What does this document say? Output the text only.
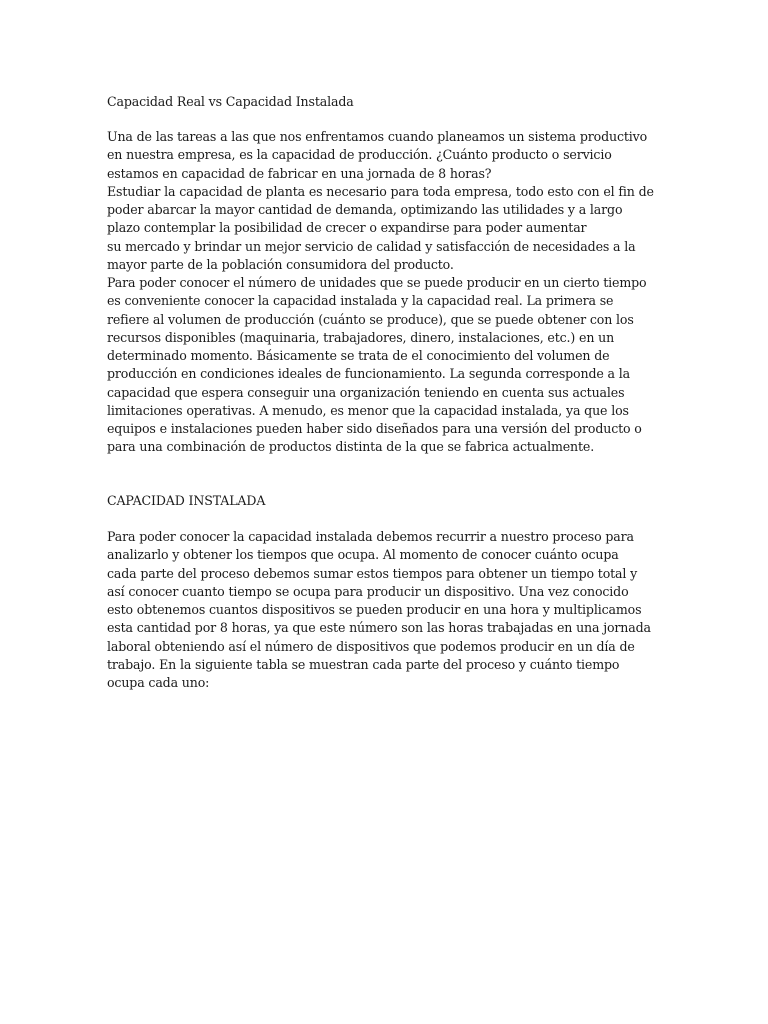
Capacidad Real vs Capacidad Instalada
Una de las tareas a las que nos enfrentamos cuando planeamos un sistema productivo
en nuestra empresa, es la capacidad de producción. ¿Cuánto producto o servicio
estamos en capacidad de fabricar en una jornada de 8 horas?
Estudiar la capacidad de planta es necesario para toda empresa, todo esto con el fin de
poder abarcar la mayor cantidad de demanda, optimizando las utilidades y a largo
plazo contemplar la posibilidad de crecer o expandirse para poder aumentar
su mercado y brindar un mejor servicio de calidad y satisfacción de necesidades a la
mayor parte de la población consumidora del producto.
Para poder conocer el número de unidades que se puede producir en un cierto tiempo
es conveniente conocer la capacidad instalada y la capacidad real. La primera se
refiere al volumen de producción (cuánto se produce), que se puede obtener con los
recursos disponibles (maquinaria, trabajadores, dinero, instalaciones, etc.) en un
determinado momento. Básicamente se trata de el conocimiento del volumen de
producción en condiciones ideales de funcionamiento. La segunda corresponde a la
capacidad que espera conseguir una organización teniendo en cuenta sus actuales
limitaciones operativas. A menudo, es menor que la capacidad instalada, ya que los
equipos e instalaciones pueden haber sido diseñados para una versión del producto o
para una combinación de productos distinta de la que se fabrica actualmente.
CAPACIDAD INSTALADA
Para poder conocer la capacidad instalada debemos recurrir a nuestro proceso para
analizarlo y obtener los tiempos que ocupa. Al momento de conocer cuánto ocupa
cada parte del proceso debemos sumar estos tiempos para obtener un tiempo total y
así conocer cuanto tiempo se ocupa para producir un dispositivo. Una vez conocido
esto obtenemos cuantos dispositivos se pueden producir en una hora y multiplicamos
esta cantidad por 8 horas, ya que este número son las horas trabajadas en una jornada
laboral obteniendo así el número de dispositivos que podemos producir en un día de
trabajo. En la siguiente tabla se muestran cada parte del proceso y cuánto tiempo
ocupa cada uno:
